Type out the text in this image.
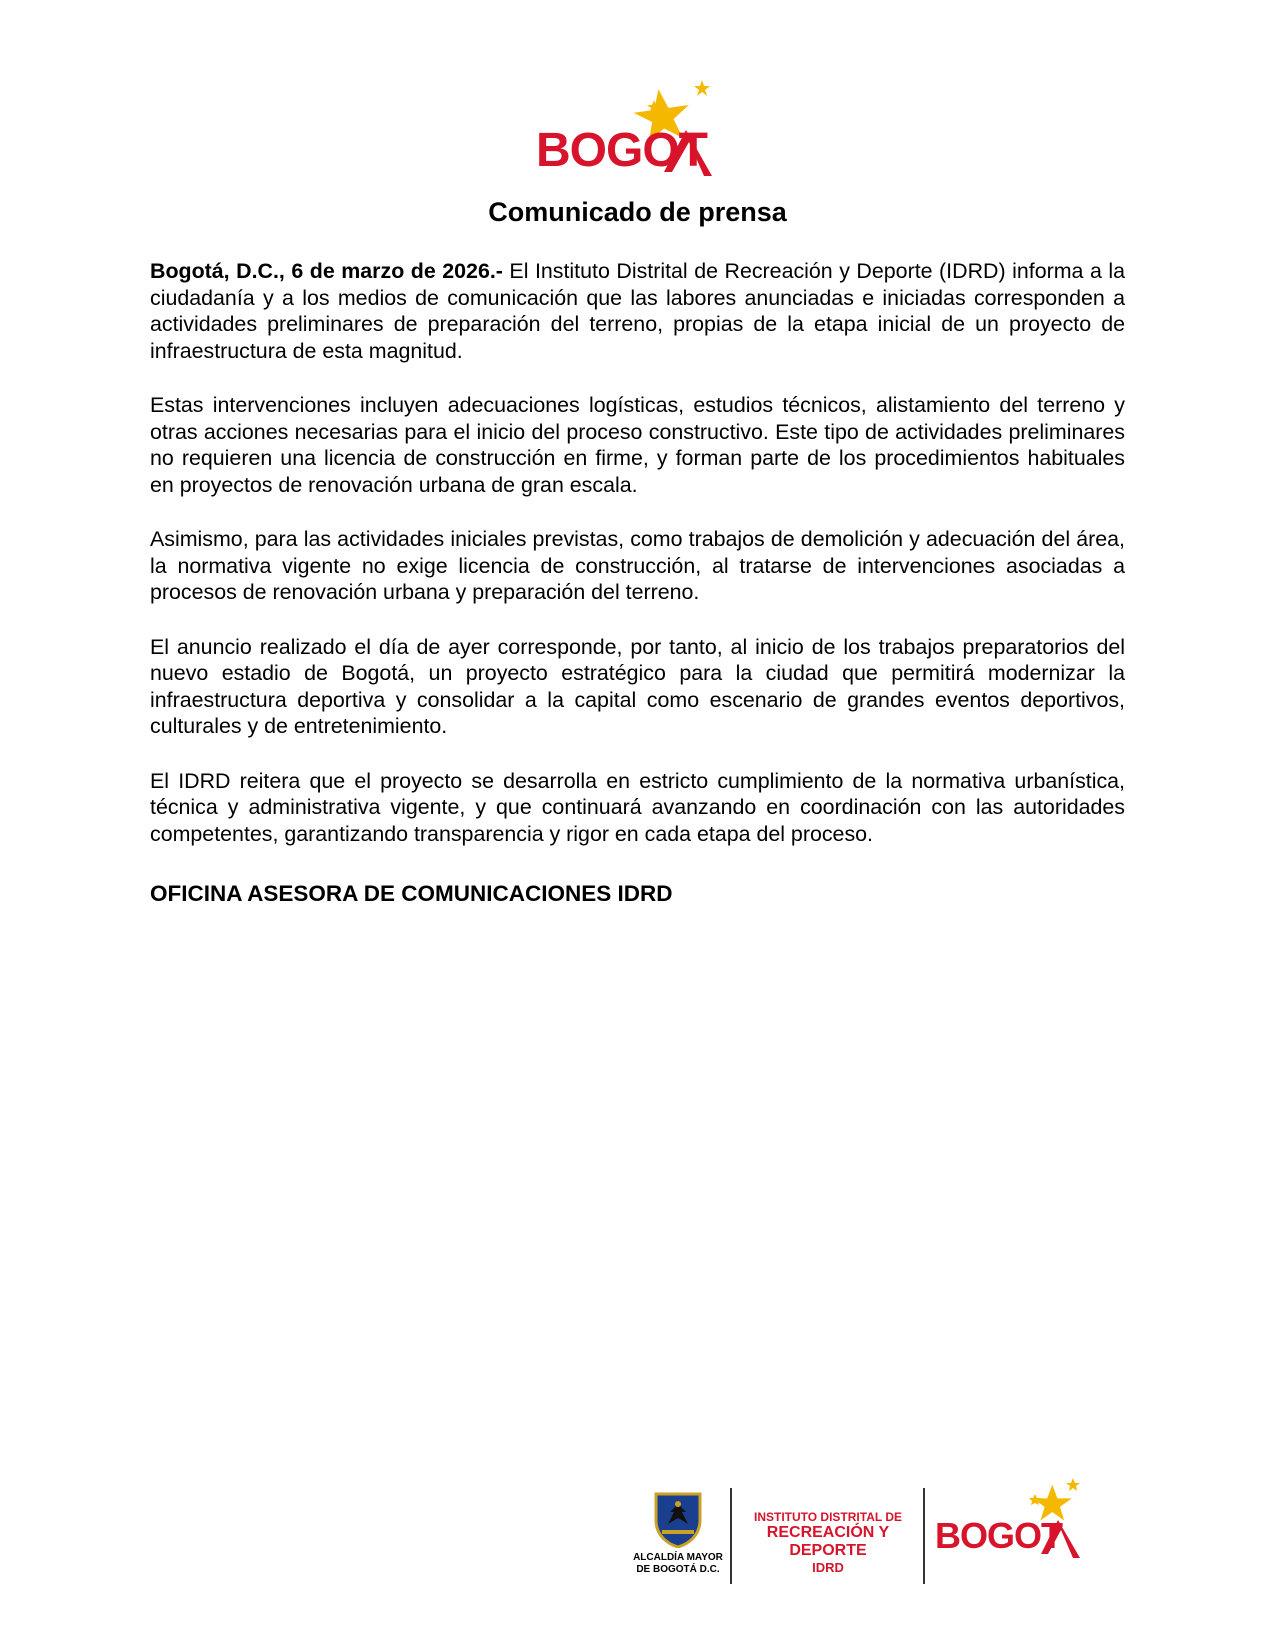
BOGOT
Comunicado de prensa

Bogotá, D.C., 6 de marzo de 2026.- El Instituto Distrital de Recreación y Deporte (IDRD) informa a la ciudadanía y a los medios de comunicación que las labores anunciadas e iniciadas corresponden a actividades preliminares de preparación del terreno, propias de la etapa inicial de un proyecto de infraestructura de esta magnitud.

Estas intervenciones incluyen adecuaciones logísticas, estudios técnicos, alistamiento del terreno y otras acciones necesarias para el inicio del proceso constructivo. Este tipo de actividades preliminares no requieren una licencia de construcción en firme, y forman parte de los procedimientos habituales en proyectos de renovación urbana de gran escala.

Asimismo, para las actividades iniciales previstas, como trabajos de demolición y adecuación del área, la normativa vigente no exige licencia de construcción, al tratarse de intervenciones asociadas a procesos de renovación urbana y preparación del terreno.

El anuncio realizado el día de ayer corresponde, por tanto, al inicio de los trabajos preparatorios del nuevo estadio de Bogotá, un proyecto estratégico para la ciudad que permitirá modernizar la infraestructura deportiva y consolidar a la capital como escenario de grandes eventos deportivos, culturales y de entretenimiento.

El IDRD reitera que el proyecto se desarrolla en estricto cumplimiento de la normativa urbanística, técnica y administrativa vigente, y que continuará avanzando en coordinación con las autoridades competentes, garantizando transparencia y rigor en cada etapa del proceso.

OFICINA ASESORA DE COMUNICACIONES IDRD
ALCALDÍA MAYOR
DE BOGOTÁ D.C.
INSTITUTO DISTRITAL DE
RECREACIÓN Y DEPORTE
IDRD
BOGOT
